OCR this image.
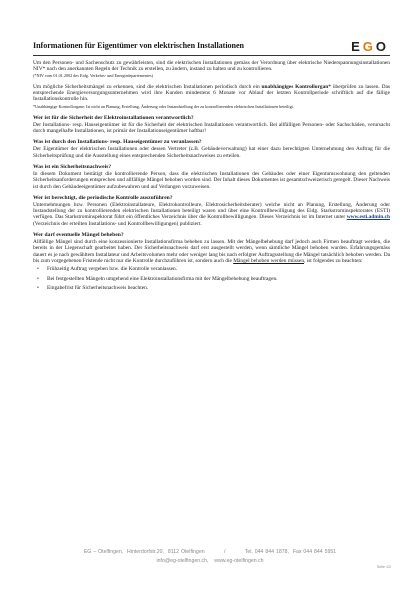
Informationen für Eigentümer von elektrischen Installationen	EGO

Um den Personen- und Sachenschutz zu gewährleisten, sind die elektrischen Installationen gemäss der Verordnung über elektrische Niederspannungsinstallationen NIV* nach den anerkannten Regeln der Technik zu erstellen, zu ändern, instand zu halten und zu kontrollieren.

(*NIV vom 01.01.2002 des Eidg. Verkehrs- und Energiedepartementes)

Um mögliche Sicherheitsmängel zu erkennen, sind die elektrischen Installationen periodisch durch ein unabhängiges Kontrollorgan* überprüfen zu lassen. Das entsprechende Energieversorgungsunternehmen wird ihre Kunden mindestens 6 Monate vor Ablauf der letzten Kontrollperiode schriftlich auf die fällige Installationskontrolle hin.

*Unabhängige Kontrollorgane: Ist nicht an Planung, Erstellung, Änderung oder Instandstellung der zu kontrollierenden elektrischen Installationen beteiligt.

Wer ist für die Sicherheit der Elektroinstallationen verantwortlich?

Der Installations- resp. Hauseigentümer ist für die Sicherheit der elektrischen Installationen verantwortlich. Bei allfälligen Personen- oder Sachschäden, verursacht durch mangelhafte Installationen, ist primär der Installationseigentümer haftbar!

Was ist durch den Installations- resp. Hauseigentümer zu veranlassen?

Der Eigentümer der elektrischen Installationen oder dessen Vertreter (z.B. Gebäudeverwaltung) hat einer dazu berechtigten Unternehmung den Auftrag für die Sicherheitsprüfung und die Ausstellung eines entsprechenden Sicherheitsnachweises zu erteilen.

Was ist ein Sicherheitsnachweis?

In diesem Dokument bestätigt die kontrollierende Person, dass die elektrischen Installationen des Gebäudes oder einer Eigentumswohnung den geltenden Sicherheitsanforderungen entsprechen und allfällige Mängel behoben worden sind. Der Inhalt dieses Dokumentes ist gesamtschweizerisch geregelt. Dieser Nachweis ist durch den Gebäudeeigentümer aufzubewahren und auf Verlangen vorzuweisen.

Wer ist berechtigt, die periodische Kontrolle auszuführen?

Unternehmungen bzw. Personen (Elektroinstallateure, Elektrokontrolleure, Elektrosicherheitsberater) welche nicht an Planung, Erstellung, Änderung oder Instandstellung der zu kontrollierenden elektrischen Installationen beteiligt waren und über eine Kontrollbewilligung des Eidg. Starkstrominspektorates (ESTI) verfügen. Das Starkstrominspektorat führt ein öffentliches Verzeichnis über die Kontrollbewilligungen. Dieses Verzeichnis ist im Internet unter www.esti.admin.ch (Verzeichnis der erteilten Installations- und Kontrollbewilligungen) publiziert.

Wer darf eventuelle Mängel beheben?

Allfällige Mängel sind durch eine konzessionierte Installationsfirma beheben zu lassen. Mit der Mängelbehebung darf jedoch auch Firmen beauftragt werden, die bereits in der Liegenschaft gearbeitet haben. Der Sicherheitsnachweis darf erst ausgestellt werden, wenn sämtliche Mängel behoben wurden. Erfahrungsgemäss dauert es je nach gewähltem Installateur und Arbeitsvolumen mehr oder weniger lang bis nach erfolgter Auftragsstellung die Mängel tatsächlich behoben werden. Da bis zum vorgegebenen Fristende nicht nur die Kontrolle durchzuführen ist, sondern auch die Mängel behoben werden müssen, ist folgendes zu beachten:

• Frühzeitig Auftrag vergeben bzw. die Kontrolle veranlassen.
• Bei festgestellten Mängeln umgehend eine Elektroinstallationsfirma mit der Mängelbehebung beauftragen.
• Eingabefrist für Sicherheitsnachweis beachten.
EG – Otelfingen,  Hinterdorfstr.20,  8112 Otelfingen          /          Tel. 044 844 1878,  Fax 044 844 5951
info@eg-otelfingen.ch,    www.eg-otelfingen.ch
Seite 1/2
